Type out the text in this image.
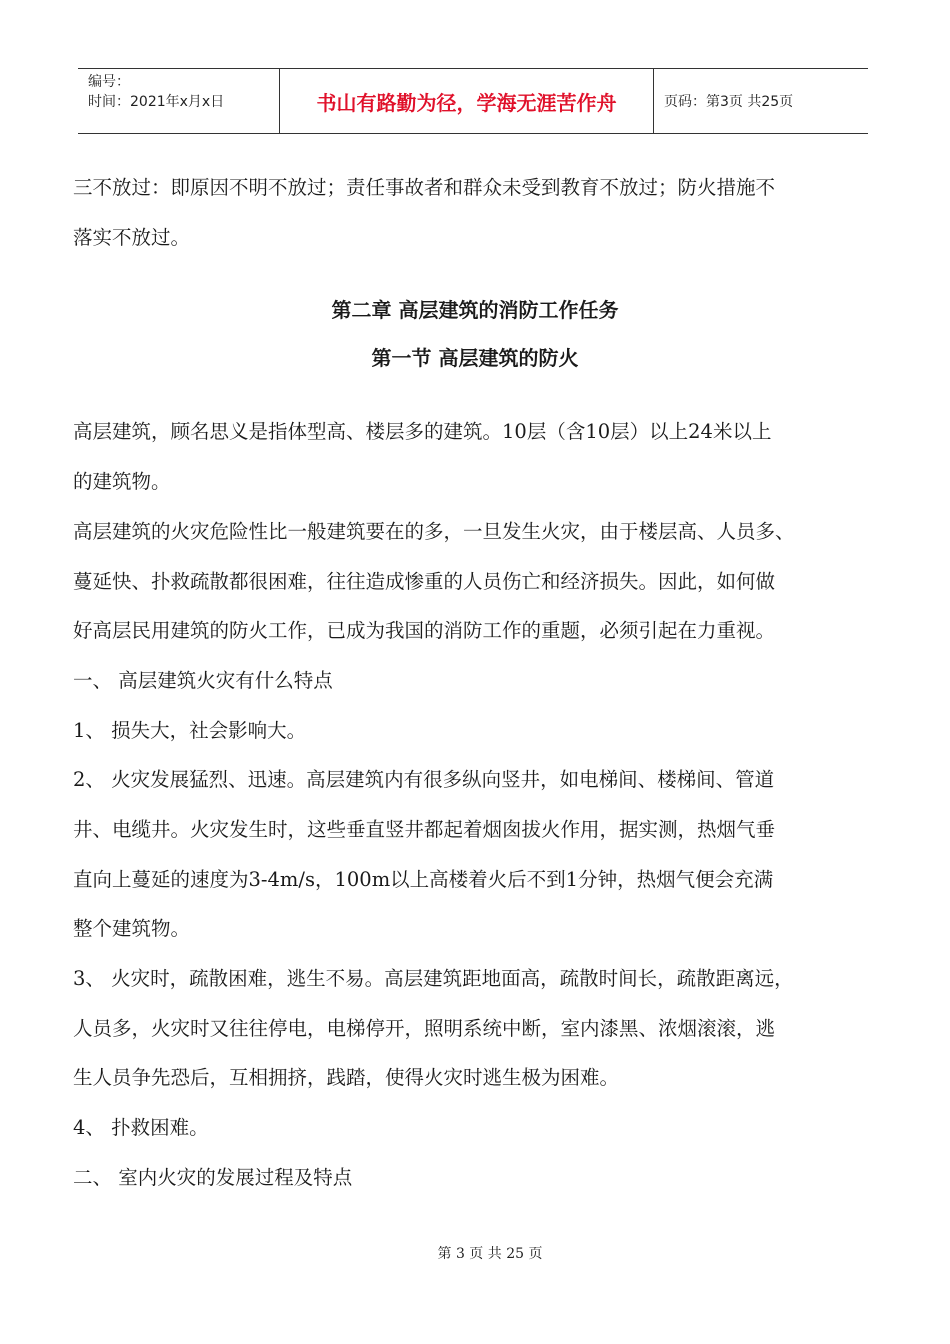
编号：
时间：2021年x月x日	书山有路勤为径，学海无涯苦作舟	页码：第3页 共25页
三不放过：即原因不明不放过；责任事故者和群众未受到教育不放过；防火措施不
落实不放过。
第二章 高层建筑的消防工作任务
第一节 高层建筑的防火
高层建筑，顾名思义是指体型高、楼层多的建筑。10层（含10层）以上24米以上
的建筑物。
高层建筑的火灾危险性比一般建筑要在的多，一旦发生火灾，由于楼层高、人员多、
蔓延快、扑救疏散都很困难，往往造成惨重的人员伤亡和经济损失。因此，如何做
好高层民用建筑的防火工作，已成为我国的消防工作的重题，必须引起在力重视。
一、 高层建筑火灾有什么特点
1、 损失大，社会影响大。
2、 火灾发展猛烈、迅速。高层建筑内有很多纵向竖井，如电梯间、楼梯间、管道
井、电缆井。火灾发生时，这些垂直竖井都起着烟囱拔火作用，据实测，热烟气垂
直向上蔓延的速度为3-4m/s，100m以上高楼着火后不到1分钟，热烟气便会充满
整个建筑物。
3、 火灾时，疏散困难，逃生不易。高层建筑距地面高，疏散时间长，疏散距离远，
人员多，火灾时又往往停电，电梯停开，照明系统中断，室内漆黑、浓烟滚滚，逃
生人员争先恐后，互相拥挤，践踏，使得火灾时逃生极为困难。
4、 扑救困难。
二、 室内火灾的发展过程及特点
第 3 页 共 25 页
